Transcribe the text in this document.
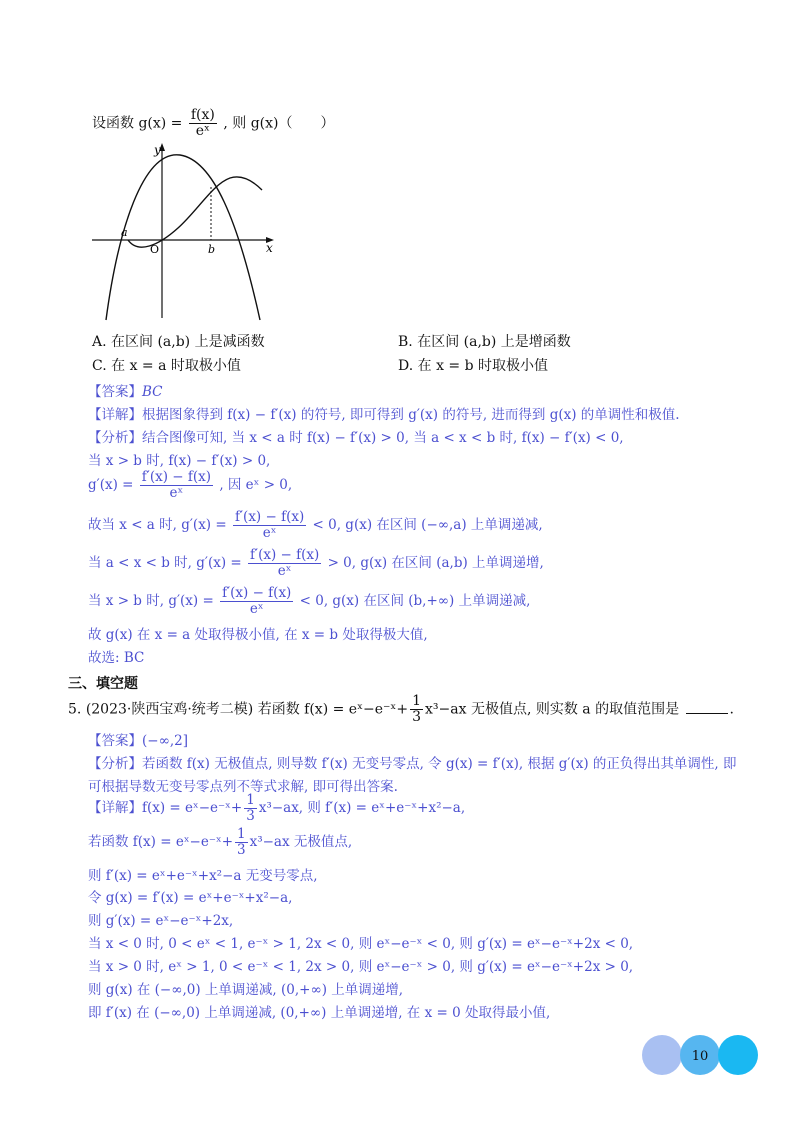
设函数 $g(x) = \frac{f(x)}{\text{eˣ}}$ , 则 g(x)（　　）
y
x
O
a
b
A. 在区间 (a,b) 上是减函数	B. 在区间 (a,b) 上是增函数
C. 在 x = a 时取极小值	D. 在 x = b 时取极小值
【答案】BC
【详解】根据图象得到 f(x) − f′(x) 的符号, 即可得到 g′(x) 的符号, 进而得到 g(x) 的单调性和极值.
【分析】结合图像可知, 当 x < a 时 f(x) − f′(x) > 0, 当 a < x < b 时, f(x) − f′(x) < 0,
当 x > b 时, f(x) − f′(x) > 0,
$g'(x) = \frac{f'(x) - f(x)}{\text{eˣ}}$ , 因 eˣ > 0,
故当 x < a 时, $g'(x) = \frac{f'(x) - f(x)}{\text{eˣ}} < 0$, g(x) 在区间 (−∞,a) 上单调递减,
当 a < x < b 时, $g'(x) = \frac{f'(x) - f(x)}{\text{eˣ}} > 0$, g(x) 在区间 (a,b) 上单调递增,
当 x > b 时, $g'(x) = \frac{f'(x) - f(x)}{\text{eˣ}} < 0$, g(x) 在区间 (b,+∞) 上单调递减,
故 g(x) 在 x = a 处取得极小值, 在 x = b 处取得极大值,
故选: BC
三、填空题
5. (2023·陕西宝鸡·统考二模) 若函数 f(x) = eˣ−e⁻ˣ+ $\frac{1}{3} x^3-ax$ 无极值点, 则实数 a 的取值范围是	.
【答案】(−∞,2]
【分析】若函数 f(x) 无极值点, 则导数 f′(x) 无变号零点, 令 g(x) = f′(x), 根据 g′(x) 的正负得出其单调性, 即
可根据导数无变号零点列不等式求解, 即可得出答案.
【详解】f(x) = eˣ−e⁻ˣ+ $\frac{1}{3} x^3-ax$, 则 f′(x) = eˣ+e⁻ˣ+x²−a,
若函数 f(x) = eˣ−e⁻ˣ+ $\frac{1}{3} x^3-ax$ 无极值点,
则 f′(x) = eˣ+e⁻ˣ+x²−a 无变号零点,
令 g(x) = f′(x) = eˣ+e⁻ˣ+x²−a,
则 g′(x) = eˣ−e⁻ˣ+2x,
当 x < 0 时, 0 < eˣ < 1, e⁻ˣ > 1, 2x < 0, 则 eˣ−e⁻ˣ < 0, 则 g′(x) = eˣ−e⁻ˣ+2x < 0,
当 x > 0 时, eˣ > 1, 0 < e⁻ˣ < 1, 2x > 0, 则 eˣ−e⁻ˣ > 0, 则 g′(x) = eˣ−e⁻ˣ+2x > 0,
则 g(x) 在 (−∞,0) 上单调递减, (0,+∞) 上单调递增,
即 f′(x) 在 (−∞,0) 上单调递减, (0,+∞) 上单调递增, 在 x = 0 处取得最小值,
10
